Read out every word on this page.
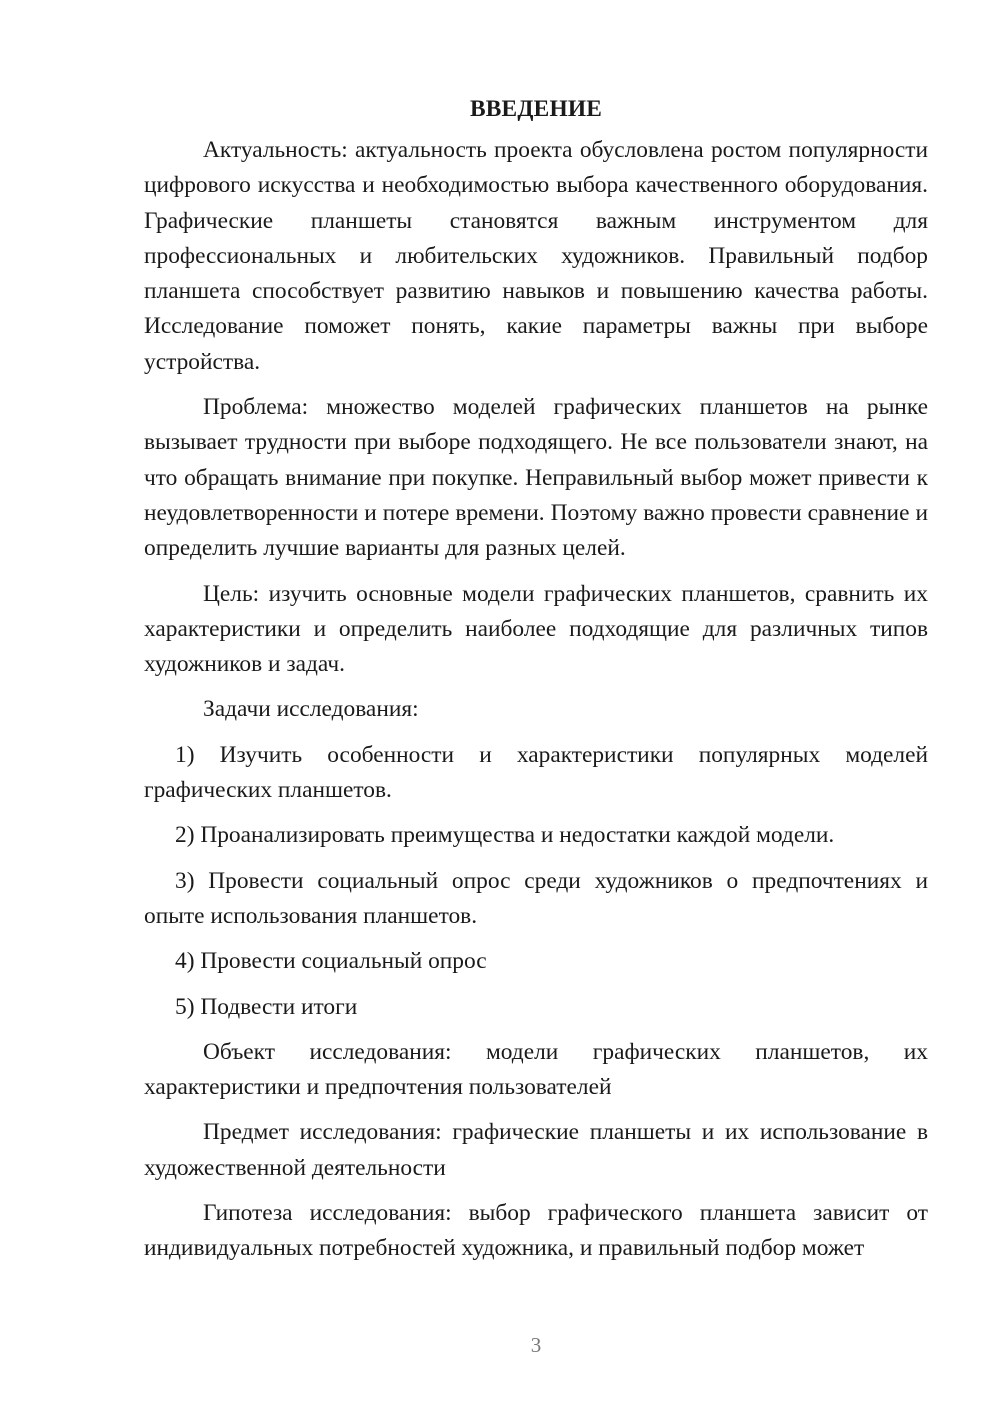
ВВЕДЕНИЕ

Актуальность: актуальность проекта обусловлена ростом популярности цифрового искусства и необходимостью выбора качественного оборудования. Графические планшеты становятся важным инструментом для профессиональных и любительских художников. Правильный подбор планшета способствует развитию навыков и повышению качества работы. Исследование поможет понять, какие параметры важны при выборе устройства.

Проблема: множество моделей графических планшетов на рынке вызывает трудности при выборе подходящего. Не все пользователи знают, на что обращать внимание при покупке. Неправильный выбор может привести к неудовлетворенности и потере времени. Поэтому важно провести сравнение и определить лучшие варианты для разных целей.

Цель: изучить основные модели графических планшетов, сравнить их характеристики и определить наиболее подходящие для различных типов художников и задач.

Задачи исследования:

1) Изучить особенности и характеристики популярных моделей графических планшетов.

2) Проанализировать преимущества и недостатки каждой модели.

3) Провести социальный опрос среди художников о предпочтениях и опыте использования планшетов.

4) Провести социальный опрос

5) Подвести итоги

Объект исследования: модели графических планшетов, их характеристики и предпочтения пользователей

Предмет исследования: графические планшеты и их использование в художественной деятельности

Гипотеза исследования: выбор графического планшета зависит от индивидуальных потребностей художника, и правильный подбор может

3
